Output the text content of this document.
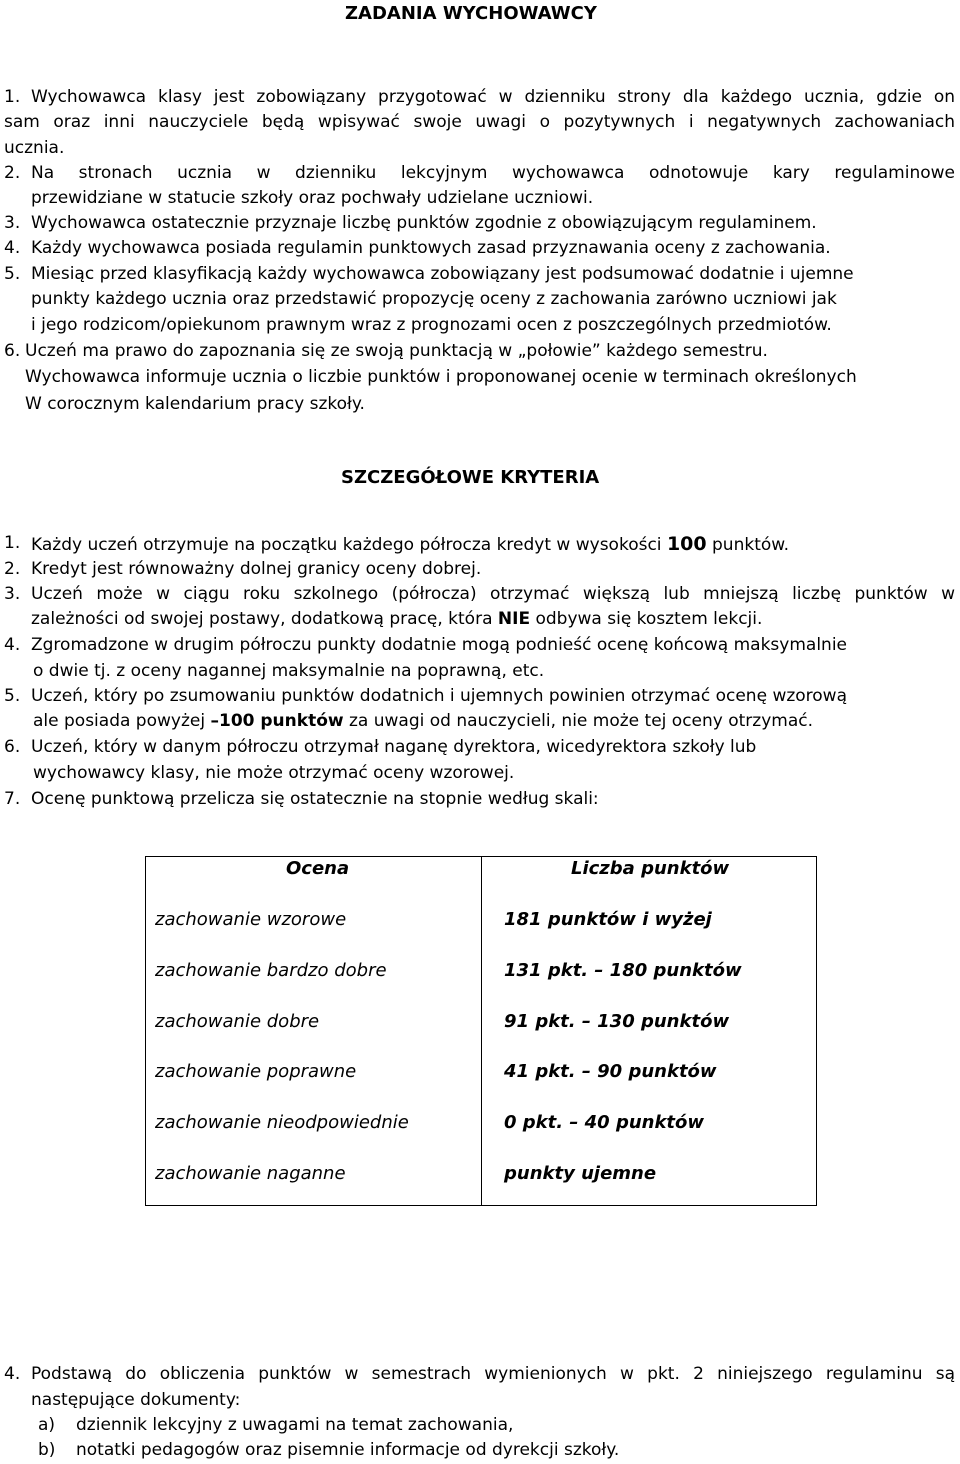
ZADANIA WYCHOWAWCY
1. Wychowawca klasy jest zobowiązany przygotować w dzienniku strony dla każdego ucznia, gdzie on
sam oraz inni nauczyciele będą wpisywać swoje uwagi o pozytywnych i negatywnych zachowaniach
ucznia.
2. Na stronach ucznia w dzienniku lekcyjnym wychowawca odnotowuje kary regulaminowe
przewidziane w statucie szkoły oraz pochwały udzielane uczniowi.
3. Wychowawca ostatecznie przyznaje liczbę punktów zgodnie z obowiązującym regulaminem.
4. Każdy wychowawca posiada regulamin punktowych zasad przyznawania oceny z zachowania.
5. Miesiąc przed klasyfikacją każdy wychowawca zobowiązany jest podsumować dodatnie i ujemne
punkty każdego ucznia oraz przedstawić propozycję oceny z zachowania zarówno uczniowi jak
i jego rodzicom/opiekunom prawnym wraz z prognozami ocen z poszczególnych przedmiotów.
6. Uczeń ma prawo do zapoznania się ze swoją punktacją w „połowie” każdego semestru.
Wychowawca informuje ucznia o liczbie punktów i proponowanej ocenie w terminach określonych
W corocznym kalendarium pracy szkoły.
SZCZEGÓŁOWE KRYTERIA
1. Każdy uczeń otrzymuje na początku każdego półrocza kredyt w wysokości 100 punktów.
2. Kredyt jest równoważny dolnej granicy oceny dobrej.
3. Uczeń może w ciągu roku szkolnego (półrocza) otrzymać większą lub mniejszą liczbę punktów w
zależności od swojej postawy, dodatkową pracę, która NIE odbywa się kosztem lekcji.
4. Zgromadzone w drugim półroczu punkty dodatnie mogą podnieść ocenę końcową maksymalnie
o dwie tj. z oceny nagannej maksymalnie na poprawną, etc.
5. Uczeń, który po zsumowaniu punktów dodatnich i ujemnych powinien otrzymać ocenę wzorową
ale posiada powyżej –100 punktów za uwagi od nauczycieli, nie może tej oceny otrzymać.
6. Uczeń, który w danym półroczu otrzymał naganę dyrektora, wicedyrektora szkoły lub
wychowawcy klasy, nie może otrzymać oceny wzorowej.
7. Ocenę punktową przelicza się ostatecznie na stopnie według skali:
Ocena	Liczba punktów
zachowanie wzorowe	181 punktów i wyżej
zachowanie bardzo dobre	131 pkt. – 180 punktów
zachowanie dobre	91 pkt. – 130 punktów
zachowanie poprawne	41 pkt. – 90 punktów
zachowanie nieodpowiednie	0 pkt. – 40 punktów
zachowanie naganne	punkty ujemne
4. Podstawą do obliczenia punktów w semestrach wymienionych w pkt. 2 niniejszego regulaminu są
następujące dokumenty:
a) dziennik lekcyjny z uwagami na temat zachowania,
b) notatki pedagogów oraz pisemnie informacje od dyrekcji szkoły.
